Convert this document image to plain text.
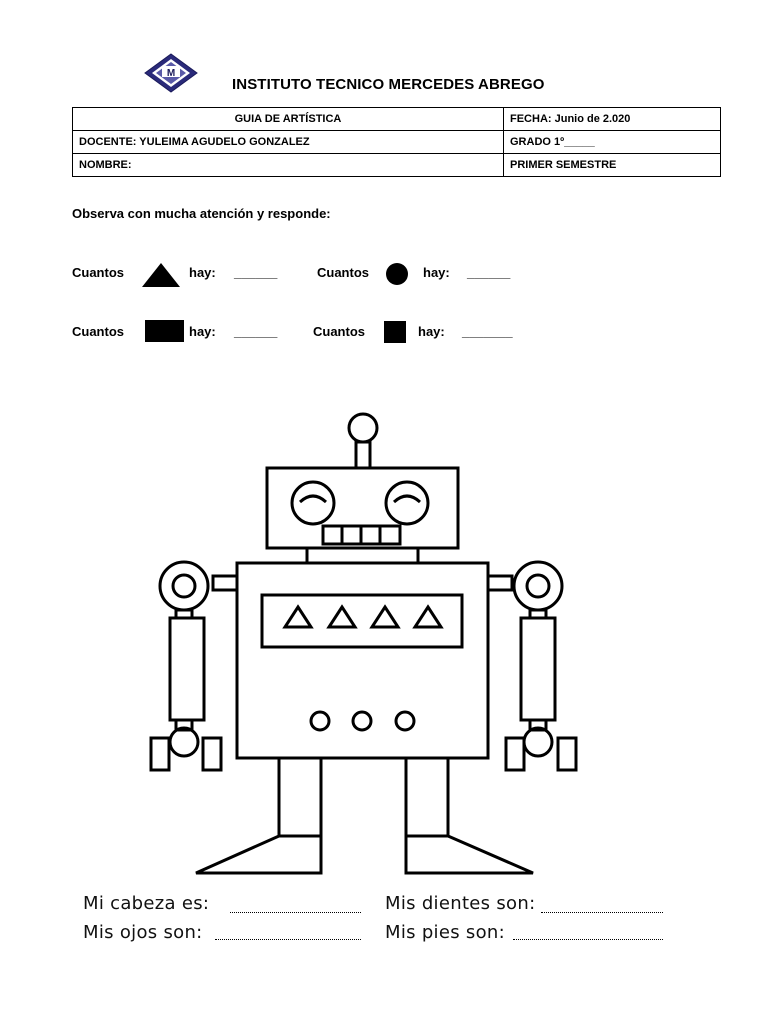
M
INSTITUTO TECNICO MERCEDES ABREGO
GUIA DE ARTÍSTICA	FECHA: Junio de 2.020
DOCENTE: YULEIMA AGUDELO GONZALEZ	GRADO 1º_____
NOMBRE:	PRIMER SEMESTRE
Observa con mucha atención y responde:
Cuantos	hay: ______	Cuantos	hay: ______
Cuantos	hay: ______	Cuantos	hay: _______
Mi cabeza es:	Mis dientes son:
Mis ojos son:	Mis pies son:
